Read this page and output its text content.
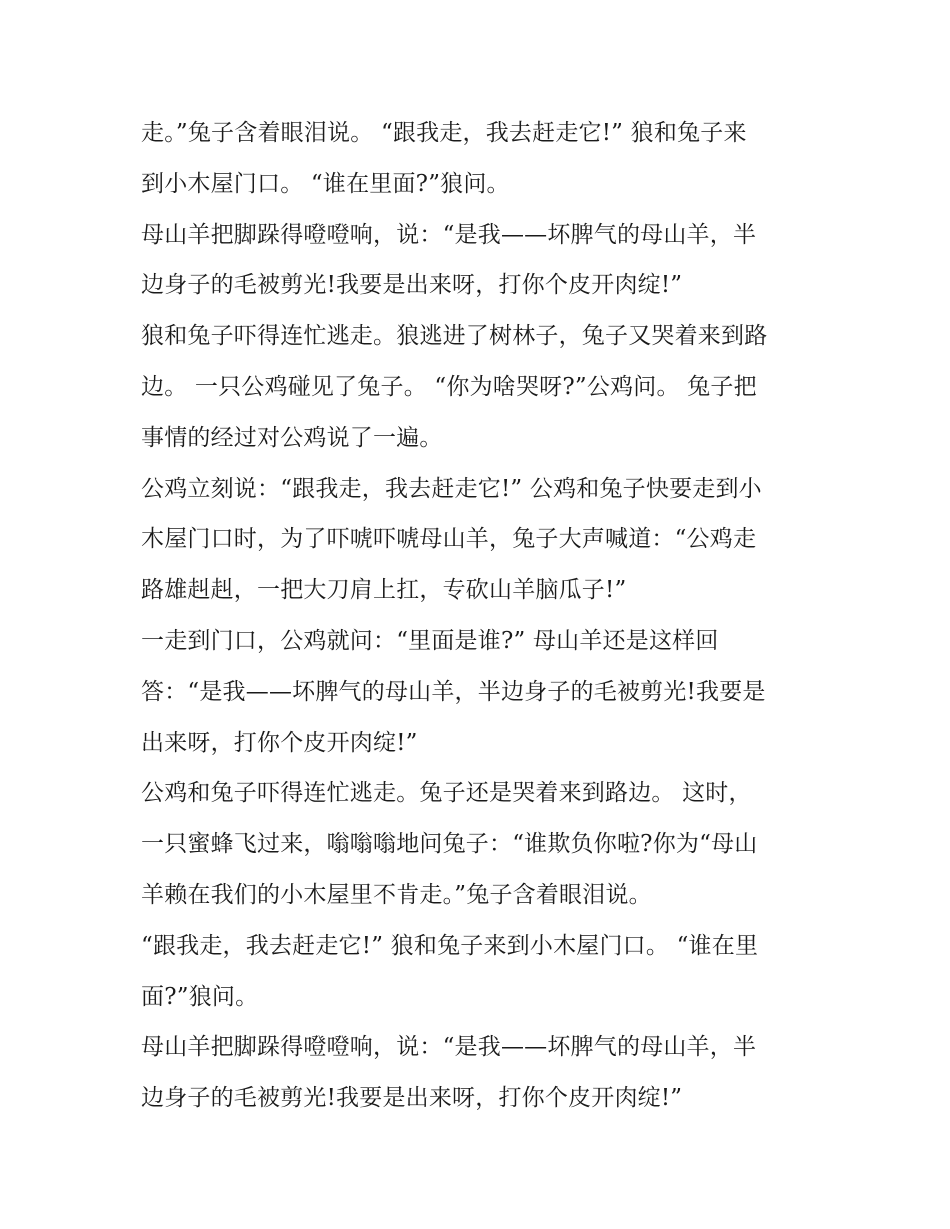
走。”兔子含着眼泪说。 “跟我走，我去赶走它!” 狼和兔子来
到小木屋门口。 “谁在里面?”狼问。
母山羊把脚跺得噔噔响，说：“是我——坏脾气的母山羊，半
边身子的毛被剪光!我要是出来呀，打你个皮开肉绽!”
狼和兔子吓得连忙逃走。狼逃进了树林子，兔子又哭着来到路
边。 一只公鸡碰见了兔子。 “你为啥哭呀?”公鸡问。 兔子把
事情的经过对公鸡说了一遍。
公鸡立刻说：“跟我走，我去赶走它!” 公鸡和兔子快要走到小
木屋门口时，为了吓唬吓唬母山羊，兔子大声喊道：“公鸡走
路雄赳赳，一把大刀肩上扛，专砍山羊脑瓜子!”
一走到门口，公鸡就问：“里面是谁?” 母山羊还是这样回
答：“是我——坏脾气的母山羊，半边身子的毛被剪光!我要是
出来呀，打你个皮开肉绽!”
公鸡和兔子吓得连忙逃走。兔子还是哭着来到路边。 这时，
一只蜜蜂飞过来，嗡嗡嗡地问兔子：“谁欺负你啦?你为“母山
羊赖在我们的小木屋里不肯走。”兔子含着眼泪说。
“跟我走，我去赶走它!” 狼和兔子来到小木屋门口。 “谁在里
面?”狼问。
母山羊把脚跺得噔噔响，说：“是我——坏脾气的母山羊，半
边身子的毛被剪光!我要是出来呀，打你个皮开肉绽!”
